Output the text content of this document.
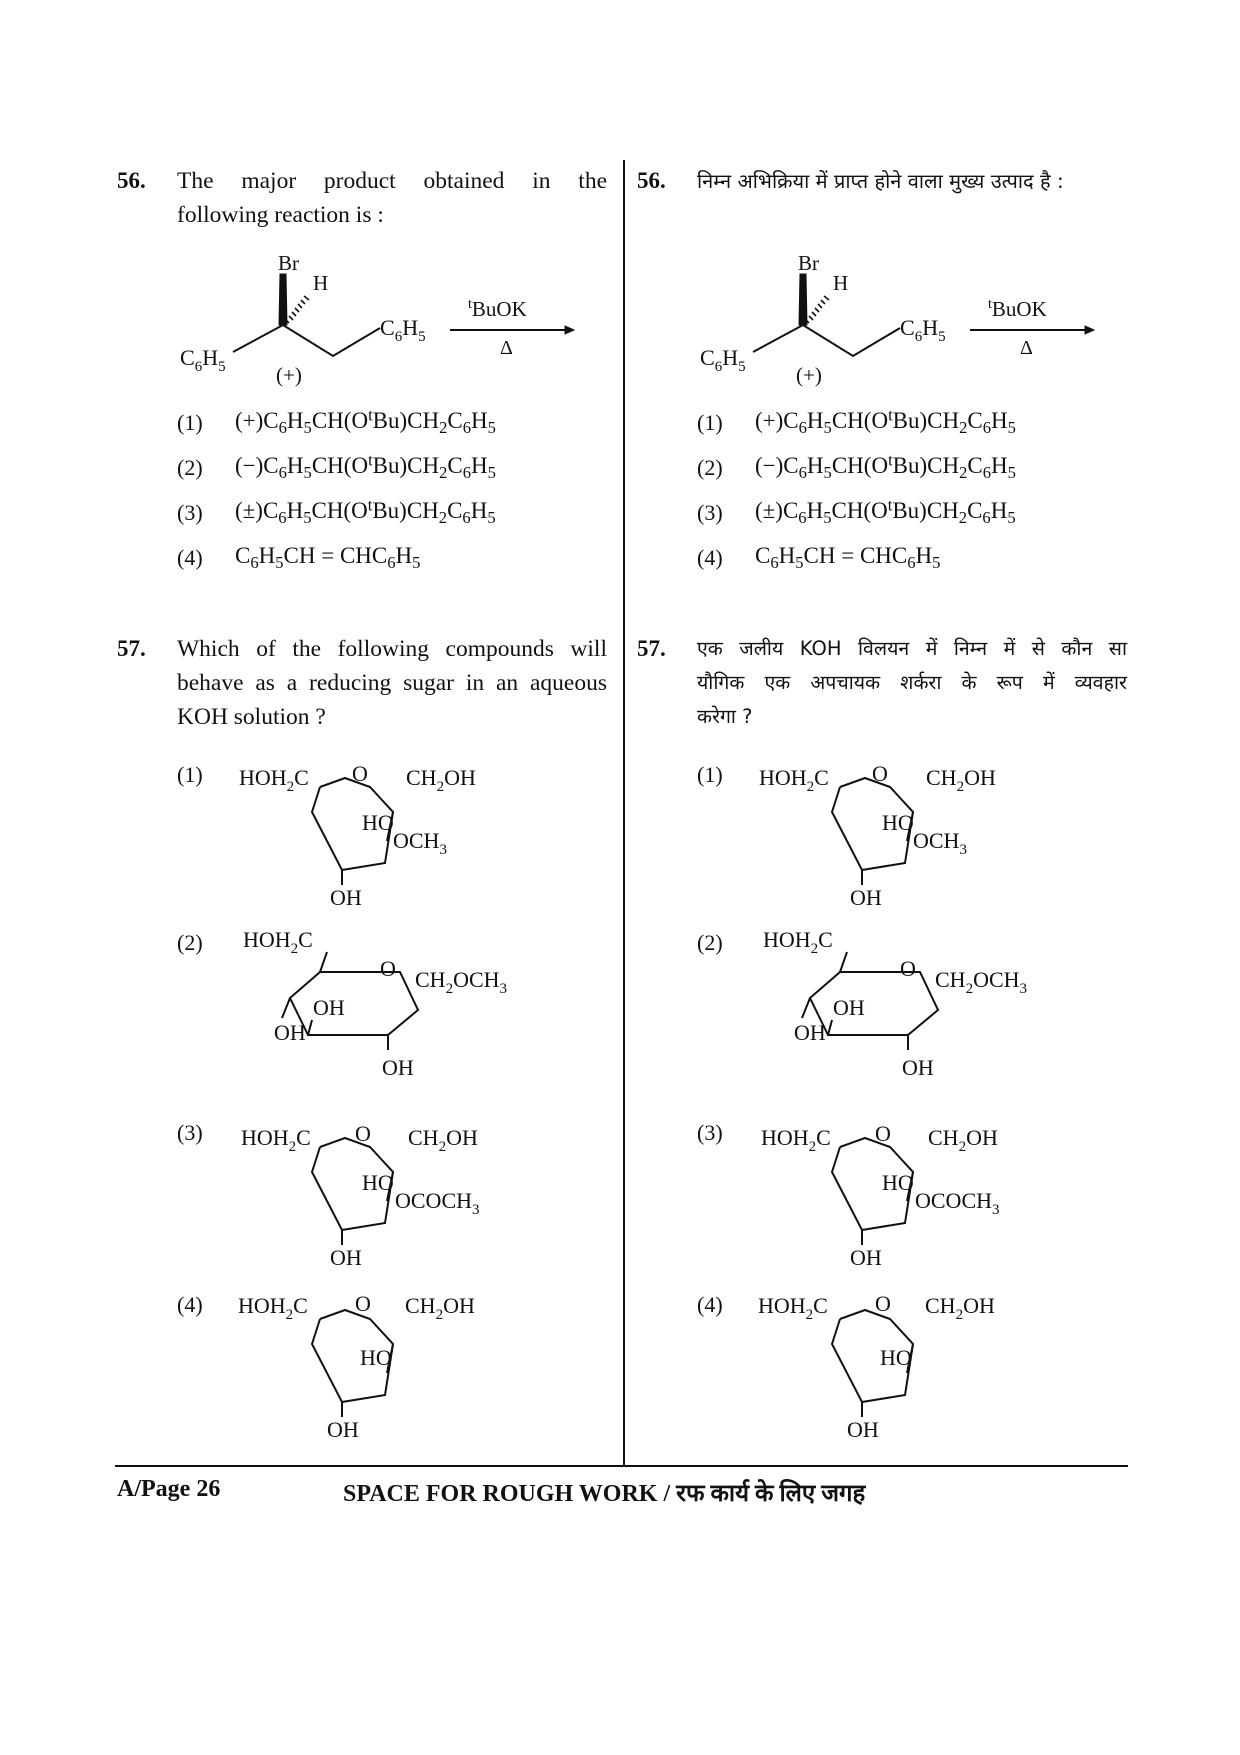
56. The major product obtained in the
following reaction is :
Br
H
$C_6H_5$
$C_6H_5$ (+)
$^t$BuOK
Δ
(1) $(+)C_6H_5CH(O^tBu)CH_2C_6H_5$
(2) $(-)C_6H_5CH(O^tBu)CH_2C_6H_5$
(3) $(\pm)C_6H_5CH(O^tBu)CH_2C_6H_5$
(4) $C_6H_5CH = CHC_6H_5$
57. Which of the following compounds will
behave as a reducing sugar in an aqueous
KOH solution ?
(1) $HOH_2C$ O $CH_2OH$
HO
$OCH_3$
OH
(2) $HOH_2C$
O $CH_2OCH_3$
OH
OH
OH
(3) $HOH_2C$ O $CH_2OH$
HO
$OCOCH_3$
OH
(4) $HOH_2C$ O $CH_2OH$
HO
OH
56. निम्न अभिक्रिया में प्राप्त होने वाला मुख्य उत्पाद है :
Br
H
$C_6H_5$
$C_6H_5$ (+)
$^t$BuOK
Δ
(1) $(+)C_6H_5CH(O^tBu)CH_2C_6H_5$
(2) $(-)C_6H_5CH(O^tBu)CH_2C_6H_5$
(3) $(\pm)C_6H_5CH(O^tBu)CH_2C_6H_5$
(4) $C_6H_5CH = CHC_6H_5$
57. एक जलीय KOH विलयन में निम्न में से कौन सा
यौगिक एक अपचायक शर्करा के रूप में व्यवहार
करेगा ?
(1) $HOH_2C$ O $CH_2OH$
HO
$OCH_3$
OH
(2) $HOH_2C$
O $CH_2OCH_3$
OH
OH
OH
(3) $HOH_2C$ O $CH_2OH$
HO
$OCOCH_3$
OH
(4) $HOH_2C$ O $CH_2OH$
HO
OH
A/Page 26	SPACE FOR ROUGH WORK / रफ कार्य के लिए जगह
